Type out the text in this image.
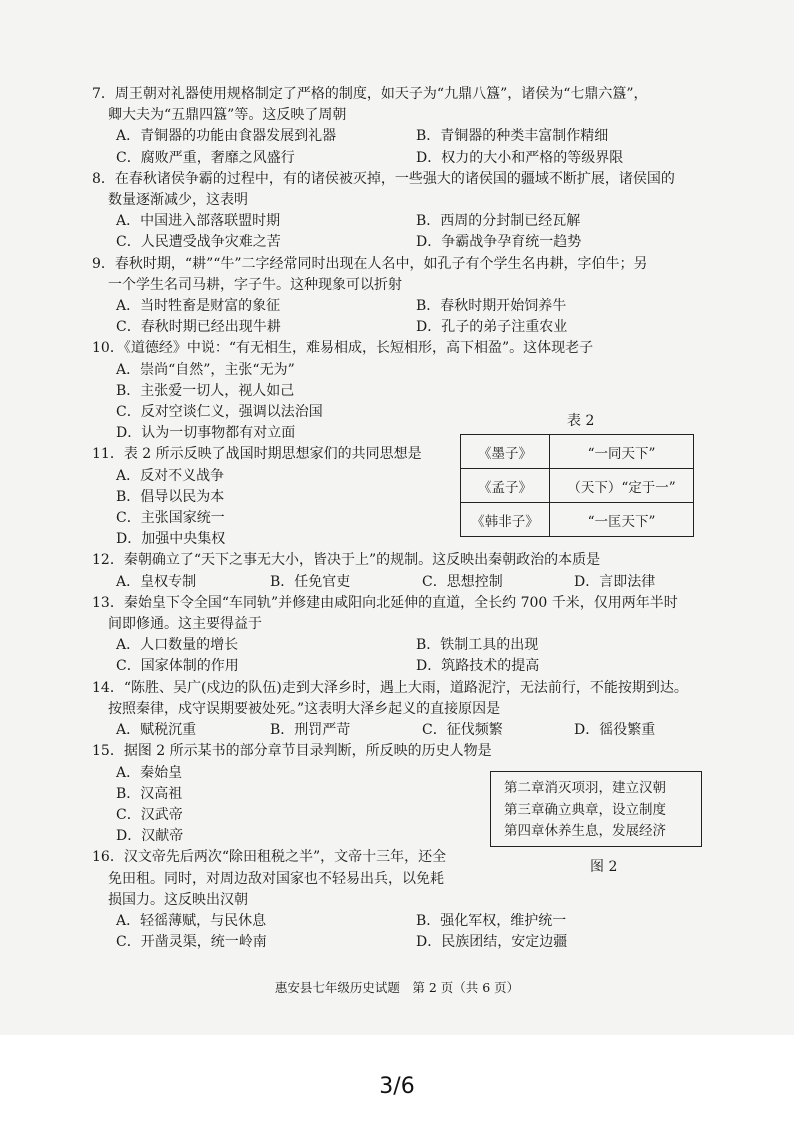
7．周王朝对礼器使用规格制定了严格的制度，如天子为“九鼎八簋”，诸侯为“七鼎六簋”，
卿大夫为“五鼎四簋”等。这反映了周朝
A．青铜器的功能由食器发展到礼器	B．青铜器的种类丰富制作精细
C．腐败严重，奢靡之风盛行	D．权力的大小和严格的等级界限
8．在春秋诸侯争霸的过程中，有的诸侯被灭掉，一些强大的诸侯国的疆域不断扩展，诸侯国的
数量逐渐减少，这表明
A．中国进入部落联盟时期	B．西周的分封制已经瓦解
C．人民遭受战争灾难之苦	D．争霸战争孕育统一趋势
9．春秋时期，“耕”“牛”二字经常同时出现在人名中，如孔子有个学生名冉耕，字伯牛；另
一个学生名司马耕，字子牛。这种现象可以折射
A．当时牲畜是财富的象征	B．春秋时期开始饲养牛
C．春秋时期已经出现牛耕	D．孔子的弟子注重农业
10．《道德经》中说：“有无相生，难易相成，长短相形，高下相盈”。这体现老子
A．崇尚“自然”，主张“无为”
B．主张爱一切人，视人如己
C．反对空谈仁义，强调以法治国
D．认为一切事物都有对立面
11．表 2 所示反映了战国时期思想家们的共同思想是
A．反对不义战争
B．倡导以民为本
C．主张国家统一
D．加强中央集权
12．秦朝确立了“天下之事无大小，皆决于上”的规制。这反映出秦朝政治的本质是
A．皇权专制	B．任免官吏	C．思想控制	D．言即法律
13．秦始皇下令全国“车同轨”并修建由咸阳向北延伸的直道，全长约 700 千米，仅用两年半时
间即修通。这主要得益于
A．人口数量的增长	B．铁制工具的出现
C．国家体制的作用	D．筑路技术的提高
14．“陈胜、吴广(戍边的队伍)走到大泽乡时，遇上大雨，道路泥泞，无法前行，不能按期到达。
按照秦律，戍守误期要被处死。”这表明大泽乡起义的直接原因是
A．赋税沉重	B．刑罚严苛	C．征伐频繁	D．徭役繁重
15．据图 2 所示某书的部分章节目录判断，所反映的历史人物是
A．秦始皇
B．汉高祖
C．汉武帝
D．汉献帝
16．汉文帝先后两次“除田租税之半”，文帝十三年，还全
免田租。同时，对周边敌对国家也不轻易出兵，以免耗
损国力。这反映出汉朝
A．轻徭薄赋，与民休息	B．强化军权，维护统一
C．开凿灵渠，统一岭南	D．民族团结，安定边疆
表 2
《墨子》	“一同天下”
《孟子》	（天下）“定于一”
《韩非子》	“一匡天下”
第二章消灭项羽，建立汉朝
第三章确立典章，设立制度
第四章休养生息，发展经济
图 2
惠安县七年级历史试题　第 2 页（共 6 页）
3/6
